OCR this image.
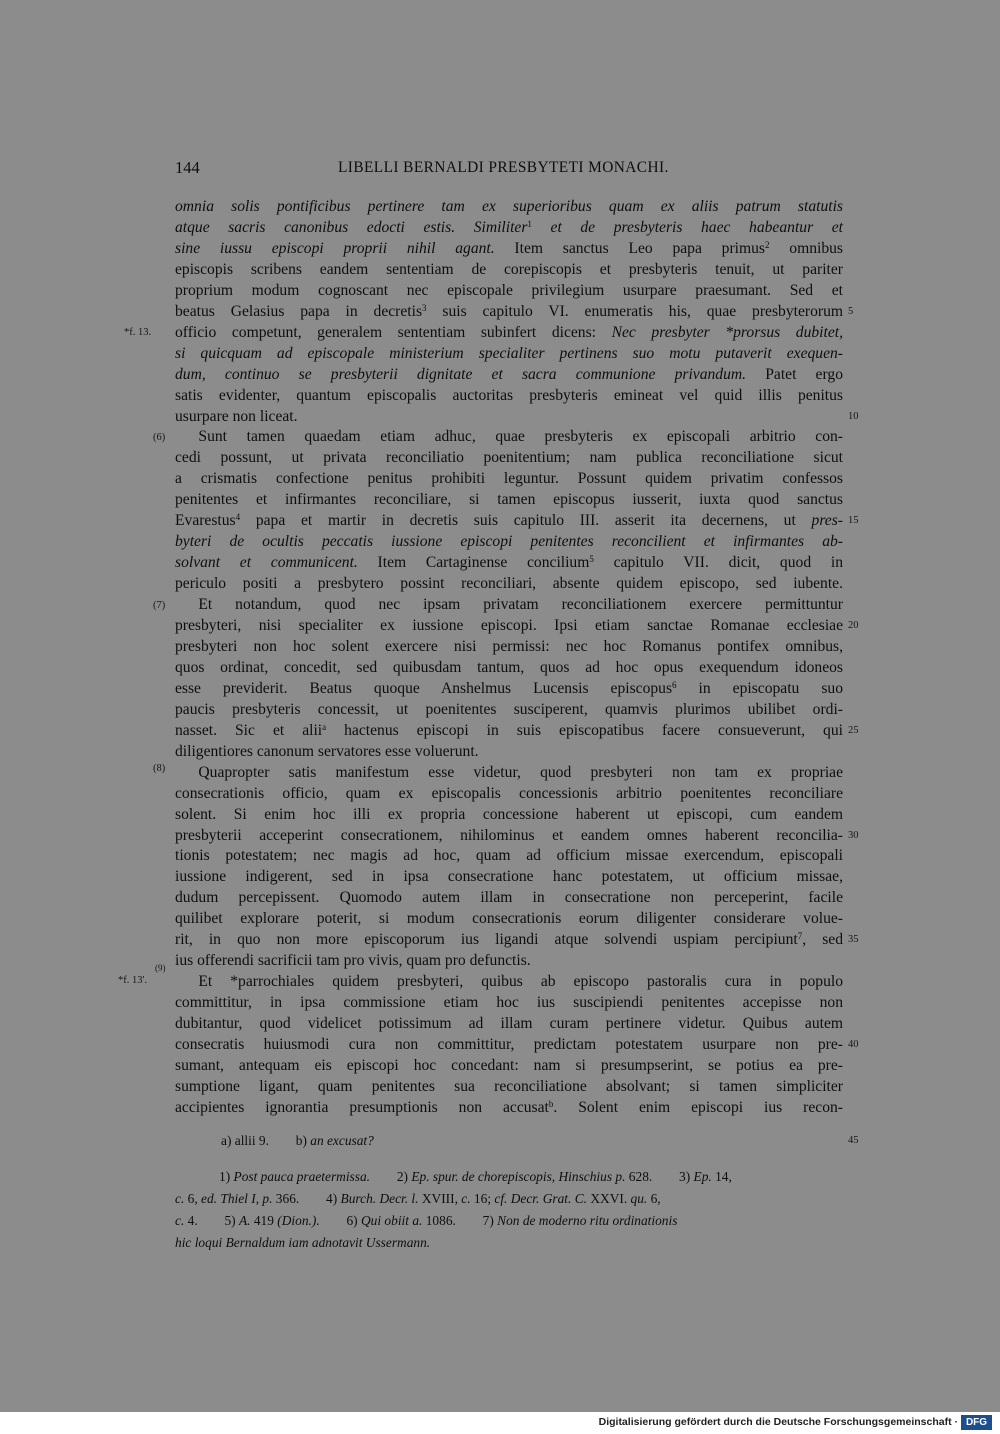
144	LIBELLI BERNALDI PRESBYTETI MONACHI.
omnia solis pontificibus pertinere tam ex superioribus quam ex aliis patrum statutis
atque sacris canonibus edocti estis. Similiter$^1$ et de presbyteris haec habeantur et
sine iussu episcopi proprii nihil agant. Item sanctus Leo papa primus$^2$ omnibus
episcopis scribens eandem sententiam de corepiscopis et presbyteris tenuit, ut pariter
proprium modum cognoscant nec episcopale privilegium usurpare praesumant. Sed et
beatus Gelasius papa in decretis$^3$ suis capitulo VI. enumeratis his, quae presbyterorum
officio competunt, generalem sententiam subinfert dicens: Nec presbyter *prorsus dubitet,
si quicquam ad episcopale ministerium specialiter pertinens suo motu putaverit exequen-
dum, continuo se presbyterii dignitate et sacra communione privandum. Patet ergo
satis evidenter, quantum episcopalis auctoritas presbyteris emineat vel quid illis penitus
usurpare non liceat.
  Sunt tamen quaedam etiam adhuc, quae presbyteris ex episcopali arbitrio con-
cedi possunt, ut privata reconciliatio poenitentium; nam publica reconciliatione sicut
a crismatis confectione penitus prohibiti leguntur. Possunt quidem privatim confessos
penitentes et infirmantes reconciliare, si tamen episcopus iusserit, iuxta quod sanctus
Evarestus$^4$ papa et martir in decretis suis capitulo III. asserit ita decernens, ut pres-
byteri de ocultis peccatis iussione episcopi penitentes reconcilient et infirmantes ab-
solvant et communicent. Item Cartaginense concilium$^5$ capitulo VII. dicit, quod in
periculo positi a presbytero possint reconciliari, absente quidem episcopo, sed iubente.
  Et notandum, quod nec ipsam privatam reconciliationem exercere permittuntur
presbyteri, nisi specialiter ex iussione episcopi. Ipsi etiam sanctae Romanae ecclesiae
presbyteri non hoc solent exercere nisi permissi: nec hoc Romanus pontifex omnibus,
quos ordinat, concedit, sed quibusdam tantum, quos ad hoc opus exequendum idoneos
esse previderit. Beatus quoque Anshelmus Lucensis episcopus$^6$ in episcopatu suo
paucis presbyteris concessit, ut poenitentes susciperent, quamvis plurimos ubilibet ordi-
nasset. Sic et alii$^a$ hactenus episcopi in suis episcopatibus facere consueverunt, qui
diligentiores canonum servatores esse voluerunt.
  Quapropter satis manifestum esse videtur, quod presbyteri non tam ex propriae
consecrationis officio, quam ex episcopalis concessionis arbitrio poenitentes reconciliare
solent. Si enim hoc illi ex propria concessione haberent ut episcopi, cum eandem
presbyterii acceperint consecrationem, nihilominus et eandem omnes haberent reconcilia-
tionis potestatem; nec magis ad hoc, quam ad officium missae exercendum, episcopali
iussione indigerent, sed in ipsa consecratione hanc potestatem, ut officium missae,
dudum percepissent. Quomodo autem illam in consecratione non perceperint, facile
quilibet explorare poterit, si modum consecrationis eorum diligenter considerare volue-
rit, in quo non more episcoporum ius ligandi atque solvendi uspiam percipiunt$^7$, sed
ius offerendi sacrificii tam pro vivis, quam pro defunctis.
  Et *parrochiales quidem presbyteri, quibus ab episcopo pastoralis cura in populo
committitur, in ipsa commissione etiam hoc ius suscipiendi penitentes accepisse non
dubitantur, quod videlicet potissimum ad illam curam pertinere videtur. Quibus autem
consecratis huiusmodi cura non committitur, predictam potestatem usurpare non pre-
sumant, antequam eis episcopi hoc concedant: nam si presumpserint, se potius ea pre-
sumptione ligant, quam penitentes sua reconciliatione absolvant; si tamen simpliciter
accipientes ignorantia presumptionis non accusat$^b$. Solent enim episcopi ius recon-
5
10
15
20
25
30
35
40
*f. 13.
(6)
(7)
(8)
(9)
*f. 13'.
a) allii 9.  b) an excusat?	45
1) Post pauca praetermissa.  2) Ep. spur. de chorepiscopis, Hinschius p. 628.  3) Ep. 14,
c. 6, ed. Thiel I, p. 366.  4) Burch. Decr. l. XVIII, c. 16; cf. Decr. Grat. C. XXVI. qu. 6,
c. 4.  5) A. 419 (Dion.).  6) Qui obiit a. 1086.  7) Non de moderno ritu ordinationis
hic loqui Bernaldum iam adnotavit Ussermann.
Digitalisierung gefördert durch die Deutsche Forschungsgemeinschaft · DFG
